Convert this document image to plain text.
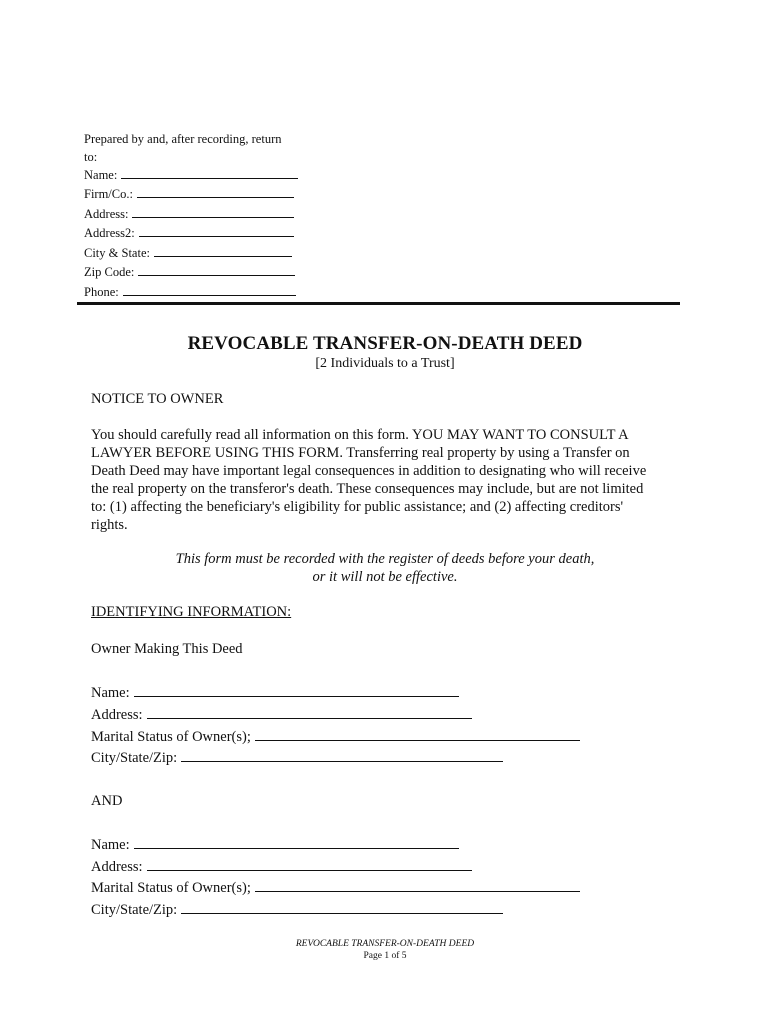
Prepared by and, after recording, return
to:
Name:
Firm/Co.:
Address:
Address2:
City & State:
Zip Code:
Phone:
REVOCABLE TRANSFER-ON-DEATH DEED
[2 Individuals to a Trust]
NOTICE TO OWNER
You should carefully read all information on this form. YOU MAY WANT TO CONSULT A
LAWYER BEFORE USING THIS FORM. Transferring real property by using a Transfer on
Death Deed may have important legal consequences in addition to designating who will receive
the real property on the transferor's death. These consequences may include, but are not limited
to: (1) affecting the beneficiary's eligibility for public assistance; and (2) affecting creditors'
rights.
This form must be recorded with the register of deeds before your death,
or it will not be effective.
IDENTIFYING INFORMATION:
Owner Making This Deed
Name:
Address:
Marital Status of Owner(s);
City/State/Zip:
AND
Name:
Address:
Marital Status of Owner(s);
City/State/Zip:
REVOCABLE TRANSFER-ON-DEATH DEED
Page 1 of 5
